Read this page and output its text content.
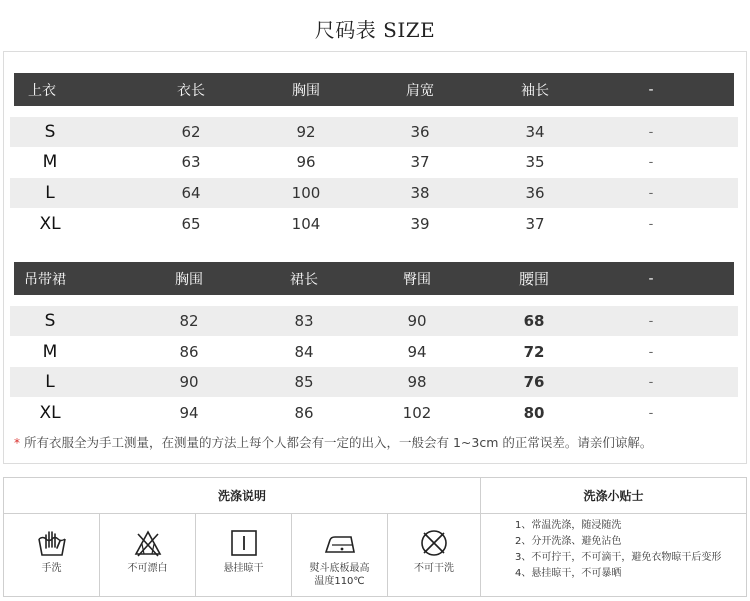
尺码表 SIZE
上衣	衣长	胸围	肩宽	袖长	-
S	62	92	36	34	-
M	63	96	37	35	-
L	64	100	38	36	-
XL	65	104	39	37	-
吊带裙	胸围	裙长	臀围	腰围	-
S	82	83	90	68	-
M	86	84	94	72	-
L	90	85	98	76	-
XL	94	86	102	80	-
* 所有衣服全为手工测量，在测量的方法上每个人都会有一定的出入，一般会有 1~3cm 的正常误差。请亲们谅解。
洗涤说明	洗涤小贴士
手洗	不可漂白	悬挂晾干	熨斗底板最高
温度110℃
不可干洗
1、常温洗涤，随浸随洗
2、分开洗涤、避免沾色
3、不可拧干，不可滴干，避免衣物晾干后变形
4、悬挂晾干，不可暴晒
